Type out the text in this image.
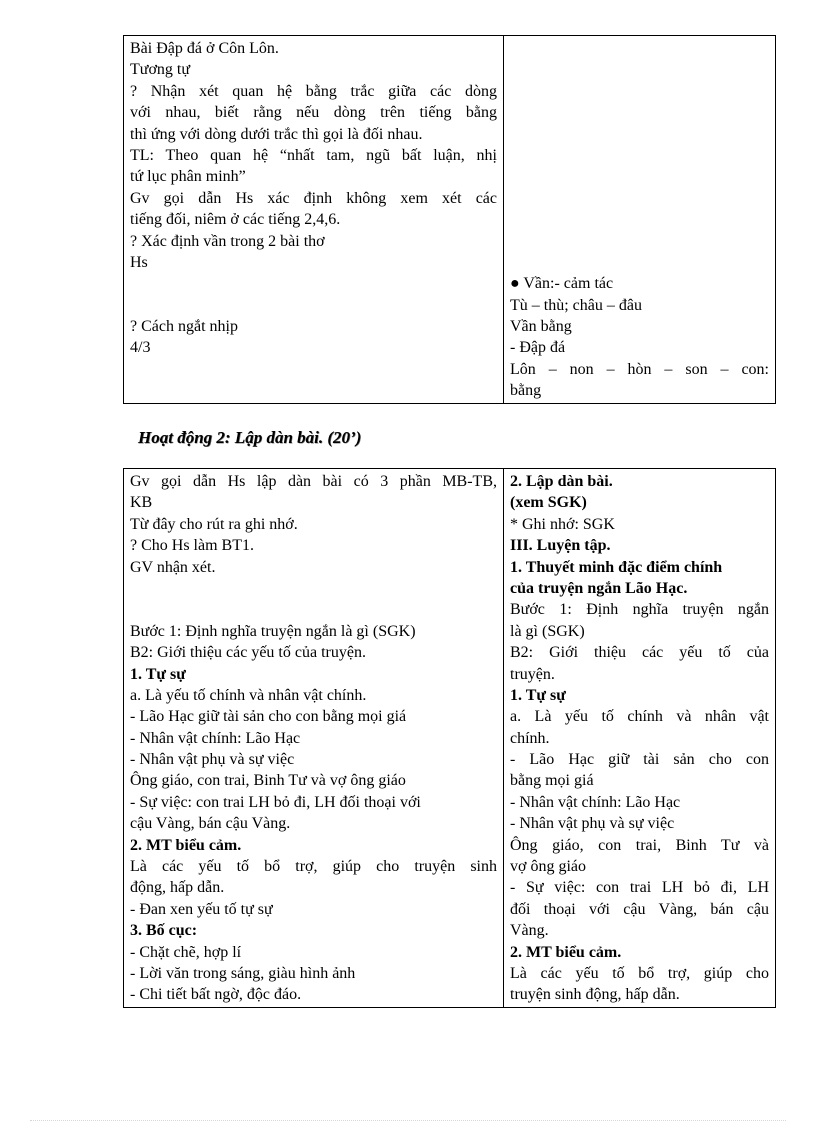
Bài Đập đá ở Côn Lôn.
Tương tự
? Nhận xét quan hệ bằng trắc giữa các dòng
với nhau, biết rằng nếu dòng trên tiếng bằng
thì ứng với dòng dưới trắc thì gọi là đối nhau.
TL: Theo quan hệ “nhất tam, ngũ bất luận, nhị
tứ lục phân minh”
Gv gọi dẫn Hs xác định không xem xét các
tiếng đối, niêm ở các tiếng 2,4,6.
? Xác định vần trong 2 bài thơ
Hs
? Cách ngắt nhịp
4/3

● Vần:- cảm tác
Tù – thù; châu – đâu
Vần bằng
- Đập đá
Lôn – non – hòn – son – con:
bằng
Hoạt động 2: Lập dàn bài. (20’)
Gv gọi dẫn Hs lập dàn bài có 3 phần MB-TB,
KB
Từ đây cho rút ra ghi nhớ.
? Cho Hs làm BT1.
GV nhận xét.
Bước 1: Định nghĩa truyện ngắn là gì (SGK)
B2: Giới thiệu các yếu tố của truyện.
1. Tự sự
a. Là yếu tố chính và nhân vật chính.
- Lão Hạc giữ tài sản cho con bằng mọi giá
- Nhân vật chính: Lão Hạc
- Nhân vật phụ và sự việc
Ông giáo, con trai, Binh Tư và vợ ông giáo
- Sự việc: con trai LH bỏ đi, LH đối thoại với
cậu Vàng, bán cậu Vàng.
2. MT biểu cảm.
Là các yếu tố bổ trợ, giúp cho truyện sinh
động, hấp dẫn.
- Đan xen yếu tố tự sự
3. Bố cục:
- Chặt chẽ, hợp lí
- Lời văn trong sáng, giàu hình ảnh
- Chi tiết bất ngờ, độc đáo.

2. Lập dàn bài.
(xem SGK)
* Ghi nhớ: SGK
III. Luyện tập.
1. Thuyết minh đặc điểm chính
của truyện ngắn Lão Hạc.
Bước 1: Định nghĩa truyện ngắn
là gì (SGK)
B2: Giới thiệu các yếu tố của
truyện.
1. Tự sự
a. Là yếu tố chính và nhân vật
chính.
- Lão Hạc giữ tài sản cho con
bằng mọi giá
- Nhân vật chính: Lão Hạc
- Nhân vật phụ và sự việc
Ông giáo, con trai, Binh Tư và
vợ ông giáo
- Sự việc: con trai LH bỏ đi, LH
đối thoại với cậu Vàng, bán cậu
Vàng.
2. MT biểu cảm.
Là các yếu tố bổ trợ, giúp cho
truyện sinh động, hấp dẫn.
